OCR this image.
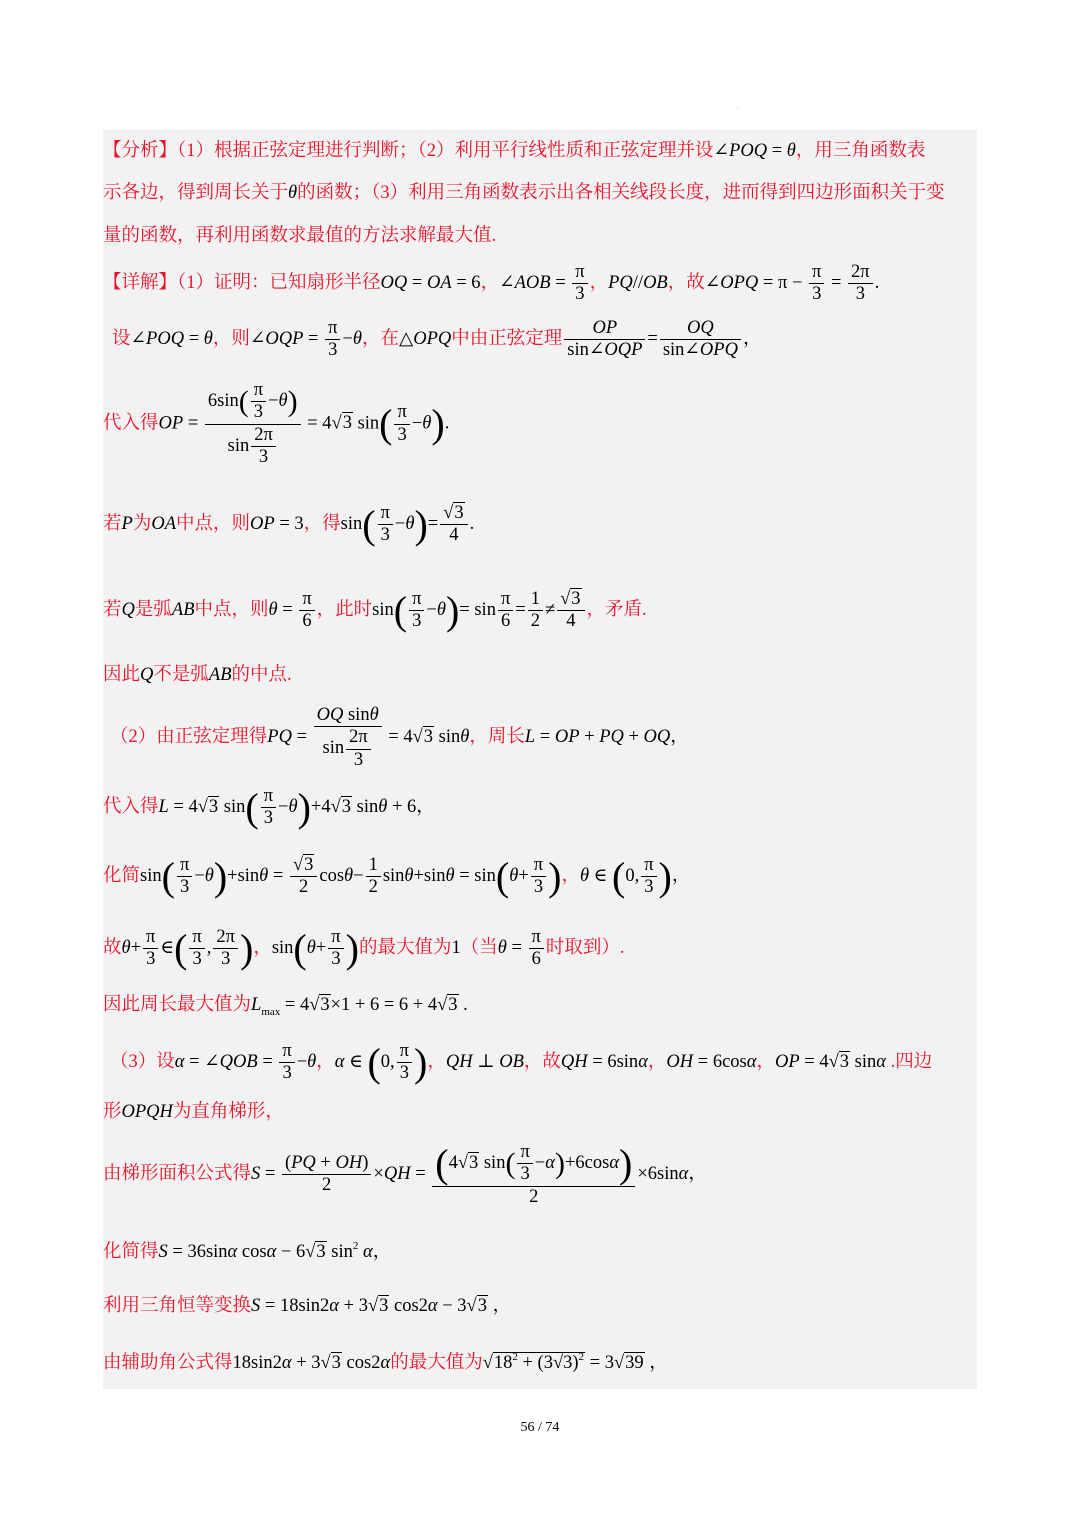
:
【分析】（1）根据正弦定理进行判断；（2）利用平行线性质和正弦定理并设∠POQ = θ，用三角函数表
示各边，得到周长关于θ的函数；（3）利用三角函数表示出各相关线段长度，进而得到四边形面积关于变
量的函数，再利用函数求最值的方法求解最大值.
【详解】（1）证明：已知扇形半径OQ = OA = 6，∠AOB = $\frac{\pi}{3}$ ，PQ//OB，故∠OPQ = $\pi - \frac{\pi}{3} = \frac{2\pi}{3}$ .
设∠POQ = θ，则∠OQP = $\frac{\pi}{3} -\theta$，在△OPQ中由正弦定理 $\frac{OP}{\text{sin∠OQP}} = \frac{OQ}{\text{sin∠OPQ}}$ ，
代入得OP = $\frac{6\sin( \frac{\pi}{3} -\theta)}{\sin \frac{2\pi}{3}} = 4√3$ $\sin( \frac{\pi}{3} -\theta)$.
若P为OA中点，则OP = 3，得$\sin( \frac{\pi}{3} -\theta)= \frac{√3}{4}$ .
若Q是弧AB中点，则$\theta = \frac{\pi}{6}$ ，此时$\sin( \frac{\pi}{3} -\theta)= \sin \frac{\pi}{6} = \frac{1}{2} \ne \frac{√3}{4}$ ，矛盾.
因此Q不是弧AB的中点.
（2）由正弦定理得PQ = $\frac{\text{OQ sinθ}}{\sin \frac{2\pi}{3}} = 4√3$ sinθ，周长L = OP + PQ + OQ，
代入得L = 4√3 $\sin( \frac{\pi}{3} -\theta)+4√3$ sinθ + 6，
化简$\sin( \frac{\pi}{3} -\theta)+\sin\theta = \frac{√3}{2} \cos\theta- \frac{1}{2} \sin\theta+\sin\theta = \sin(\theta+ \frac{\pi}{3}$ )，θ ∈ (0, $\frac{\pi}{3}$ )，
故$\theta+ \frac{\pi}{3}$ ∈( $\frac{\pi}{3}$ , $\frac{2\pi}{3}$ )，$\sin(\theta+ \frac{\pi}{3}$ )的最大值为1（当$\theta = \frac{\pi}{6}$ 时取到）.
因此周长最大值为$L_{max} = 4√3\times 1 + 6 = 6 + 4√3$ .
（3）设α = ∠QOB = $\frac{\pi}{3} -\theta$，α ∈ (0, $\frac{\pi}{3}$ )，QH ⊥ OB，故QH = 6sinα，OH = 6cosα，OP = 4√3 sinα .四边
形OPQH为直角梯形，
由梯形面积公式得$S = \frac{(PQ + OH)}{2} \times QH = \frac{(4√3 \sin( \frac{\pi}{3} -\alpha)+6\cos\alpha)}{2} \times 6\sin\alpha$，
化简得S = 36sinα cosα − 6√3 $\sin^2 \alpha$，
利用三角恒等变换S = 18sin2α + 3√3 cos2α − 3√3 ，
由辅助角公式得18sin2α + 3√3 cos2α的最大值为$√18^2 + (3√3)^2 = 3√39$ ，
56 / 74
